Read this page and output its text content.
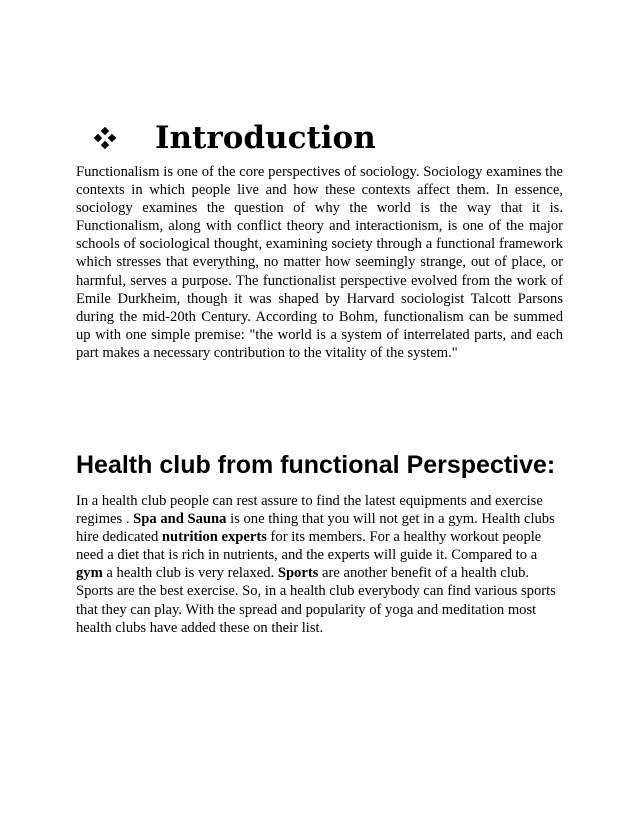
Introduction

Functionalism is one of the core perspectives of sociology. Sociology examines the contexts in which people live and how these contexts affect them. In essence, sociology examines the question of why the world is the way that it is. Functionalism, along with conflict theory and interactionism, is one of the major schools of sociological thought, examining society through a functional framework which stresses that everything, no matter how seemingly strange, out of place, or harmful, serves a purpose. The functionalist perspective evolved from the work of Emile Durkheim, though it was shaped by Harvard sociologist Talcott Parsons during the mid-20th Century. According to Bohm, functionalism can be summed up with one simple premise: "the world is a system of interrelated parts, and each part makes a necessary contribution to the vitality of the system."

Health club from functional Perspective:

In a health club people can rest assure to find the latest equipments and exercise regimes . Spa and Sauna is one thing that you will not get in a gym. Health clubs hire dedicated nutrition experts for its members. For a healthy workout people need a diet that is rich in nutrients, and the experts will guide it. Compared to a gym a health club is very relaxed. Sports are another benefit of a health club. Sports are the best exercise. So, in a health club everybody can find various sports that they can play. With the spread and popularity of yoga and meditation most health clubs have added these on their list.
